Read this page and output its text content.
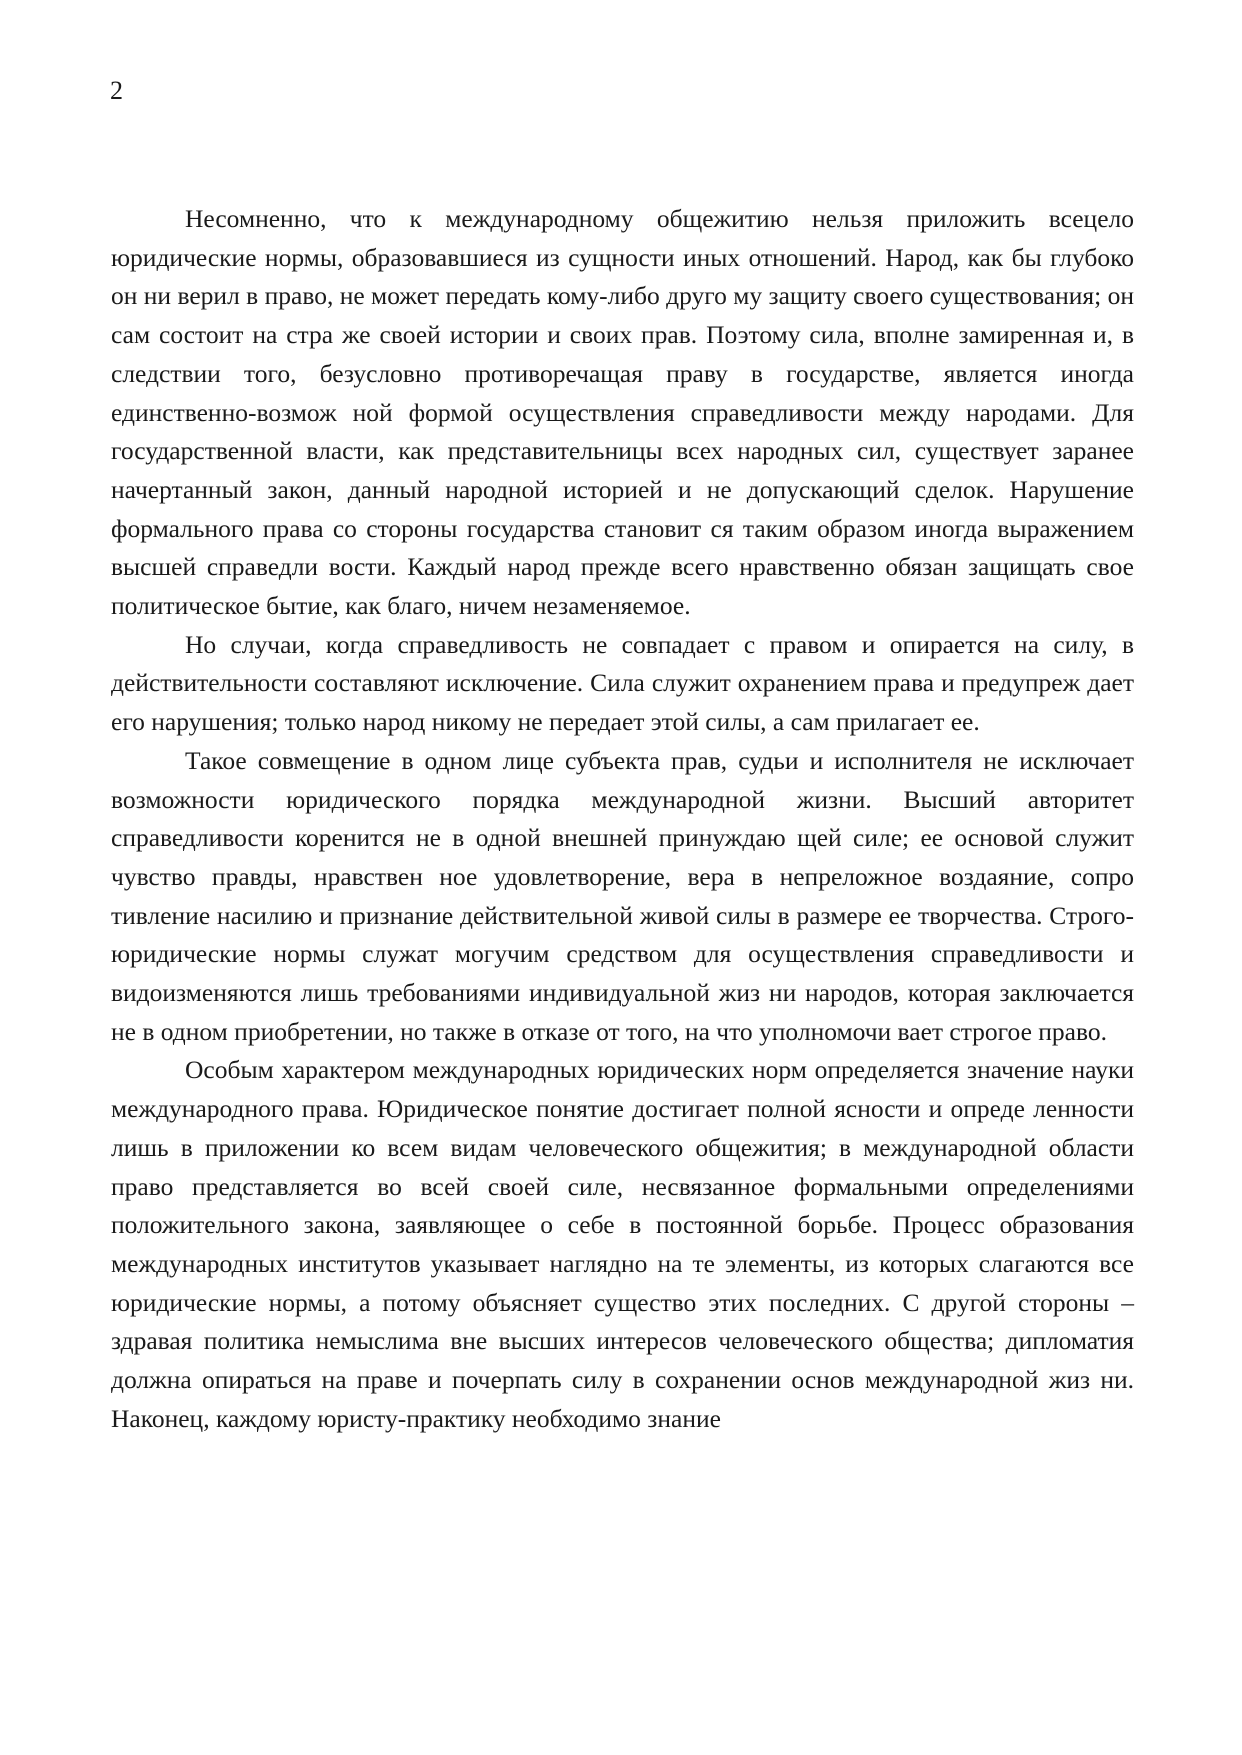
2

Несомненно, что к международному общежитию нельзя приложить всецело юридические нормы, образовавшиеся из сущности иных отношений. Народ, как бы глубоко он ни верил в право, не может передать кому-либо друго му защиту своего существования; он сам состоит на стра же своей истории и своих прав. Поэтому сила, вполне замиренная и, в следствии того, безусловно противоречащая праву в государстве, является иногда единственно-возмож ной формой осуществления справедливости между народами. Для государственной власти, как представительницы всех народных сил, существует заранее начертанный закон, данный народной историей и не допускающий сделок. Нарушение формального права со стороны государства становит ся таким образом иногда выражением высшей справедли вости. Каждый народ прежде всего нравственно обязан защищать свое политическое бытие, как благо, ничем незаменяемое.

Но случаи, когда справедливость не совпадает с правом и опирается на силу, в действительности составляют исключение. Сила служит охранением права и предупреж дает его нарушения; только народ никому не передает этой силы, а сам прилагает ее.

Такое совмещение в одном лице субъекта прав, судьи и исполнителя не исключает возможности юридического порядка международной жизни. Высший авторитет справедливости коренится не в одной внешней принуждаю щей силе; ее основой служит чувство правды, нравствен ное удовлетворение, вера в непреложное воздаяние, сопро тивление насилию и признание действительной живой силы в размере ее творчества. Строго-юридические нормы служат могучим средством для осуществления справедливости и видоизменяются лишь требованиями индивидуальной жиз ни народов, которая заключается не в одном приобретении, но также в отказе от того, на что уполномочи вает строгое право.

Особым характером международных юридических норм определяется значение науки международного права. Юридическое понятие достигает полной ясности и опреде ленности лишь в приложении ко всем видам человеческого общежития; в международной области право представляется во всей своей силе, несвязанное формальными определениями положительного закона, заявляющее о себе в постоянной борьбе. Процесс образования международных институтов указывает наглядно на те элементы, из которых слагаются все юридические нормы, а потому объясняет существо этих последних. С другой стороны – здравая политика немыслима вне высших интересов человеческого общества; дипломатия должна опираться на праве и почерпать силу в сохранении основ международной жиз ни. Наконец, каждому юристу-практику необходимо знание
